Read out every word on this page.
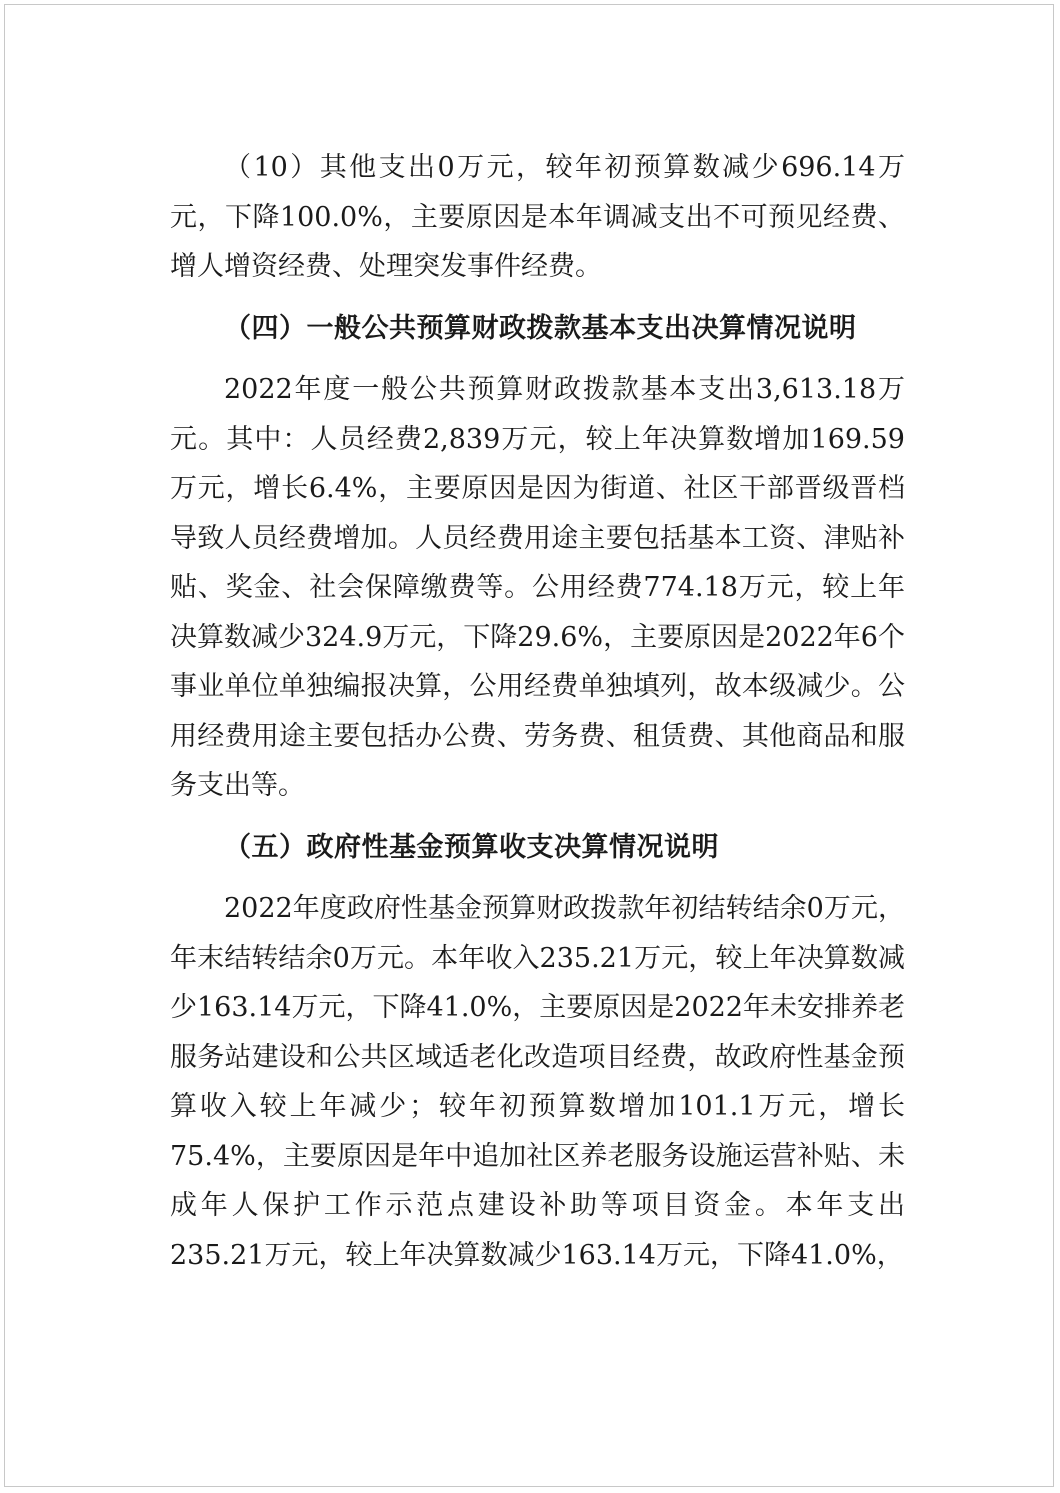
（10）其他支出0万元，较年初预算数减少696.14万元，下降100.0%，主要原因是本年调减支出不可预见经费、增人增资经费、处理突发事件经费。

（四）一般公共预算财政拨款基本支出决算情况说明

2022年度一般公共预算财政拨款基本支出3,613.18万元。其中：人员经费2,839万元，较上年决算数增加169.59万元，增长6.4%，主要原因是因为街道、社区干部晋级晋档导致人员经费增加。人员经费用途主要包括基本工资、津贴补贴、奖金、社会保障缴费等。公用经费774.18万元，较上年决算数减少324.9万元，下降29.6%，主要原因是2022年6个事业单位单独编报决算，公用经费单独填列，故本级减少。公用经费用途主要包括办公费、劳务费、租赁费、其他商品和服务支出等。

（五）政府性基金预算收支决算情况说明

2022年度政府性基金预算财政拨款年初结转结余0万元，年末结转结余0万元。本年收入235.21万元，较上年决算数减少163.14万元，下降41.0%，主要原因是2022年未安排养老服务站建设和公共区域适老化改造项目经费，故政府性基金预算收入较上年减少；较年初预算数增加101.1万元，增长75.4%，主要原因是年中追加社区养老服务设施运营补贴、未成年人保护工作示范点建设补助等项目资金。本年支出235.21万元，较上年决算数减少163.14万元，下降41.0%，
